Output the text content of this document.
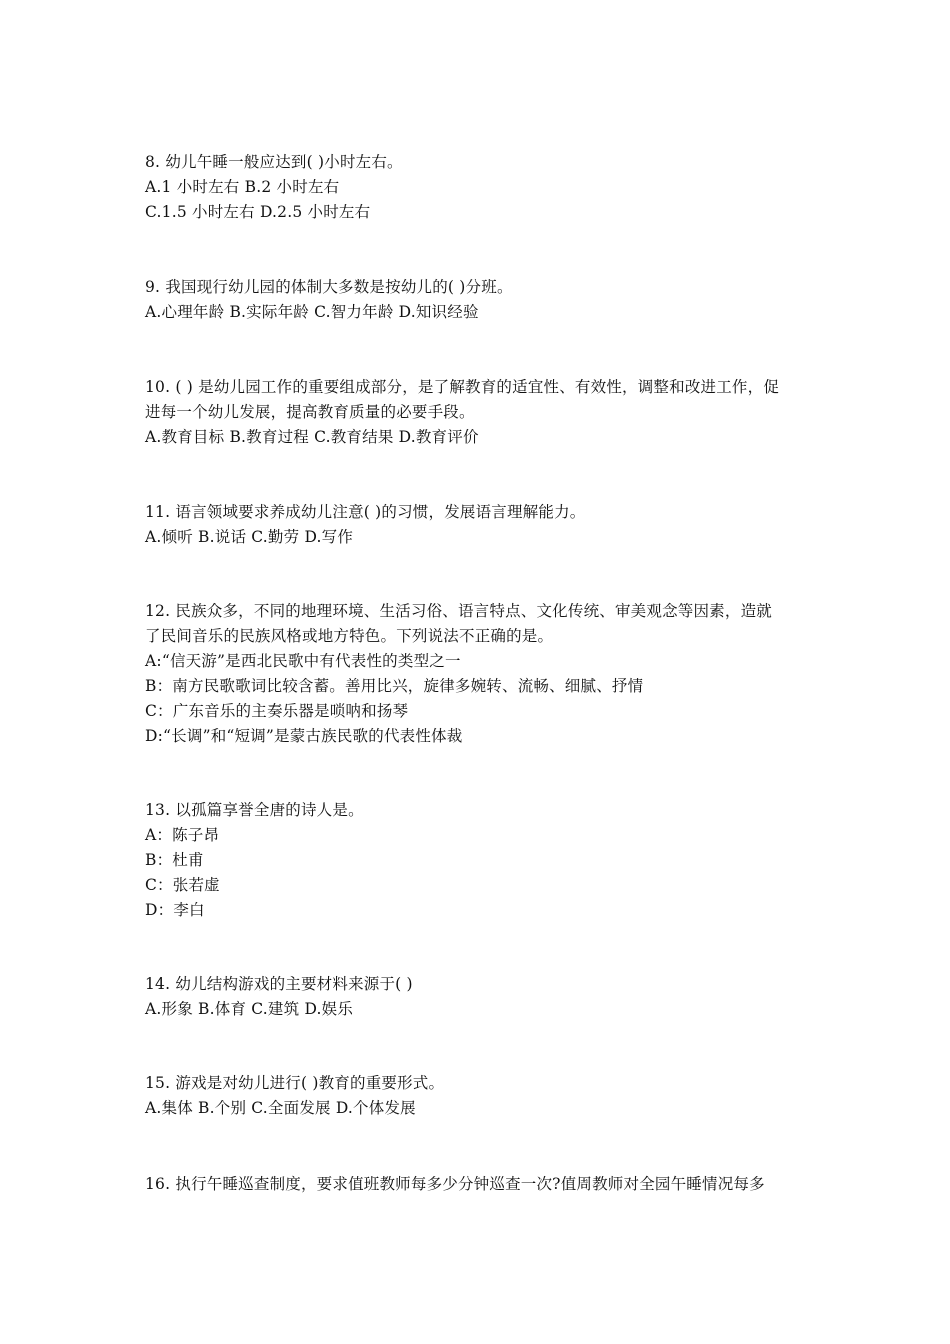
8. 幼儿午睡一般应达到( )小时左右。
A.1 小时左右 B.2 小时左右
C.1.5 小时左右 D.2.5 小时左右
9. 我国现行幼儿园的体制大多数是按幼儿的( )分班。
A.心理年龄 B.实际年龄 C.智力年龄 D.知识经验
10. ( ) 是幼儿园工作的重要组成部分，是了解教育的适宜性、有效性，调整和改进工作，促
进每一个幼儿发展，提高教育质量的必要手段。
A.教育目标 B.教育过程 C.教育结果 D.教育评价
11. 语言领域要求养成幼儿注意( )的习惯，发展语言理解能力。
A.倾听 B.说话 C.勤劳 D.写作
12. 民族众多，不同的地理环境、生活习俗、语言特点、文化传统、审美观念等因素，造就
了民间音乐的民族风格或地方特色。下列说法不正确的是。
A:“信天游”是西北民歌中有代表性的类型之一
B：南方民歌歌词比较含蓄。善用比兴，旋律多婉转、流畅、细腻、抒情
C：广东音乐的主奏乐器是唢呐和扬琴
D:“长调”和“短调”是蒙古族民歌的代表性体裁
13. 以孤篇享誉全唐的诗人是。
A：陈子昂
B：杜甫
C：张若虚
D：李白
14. 幼儿结构游戏的主要材料来源于( )
A.形象 B.体育 C.建筑 D.娱乐
15. 游戏是对幼儿进行( )教育的重要形式。
A.集体 B.个别 C.全面发展 D.个体发展
16. 执行午睡巡查制度，要求值班教师每多少分钟巡查一次?值周教师对全园午睡情况每多
